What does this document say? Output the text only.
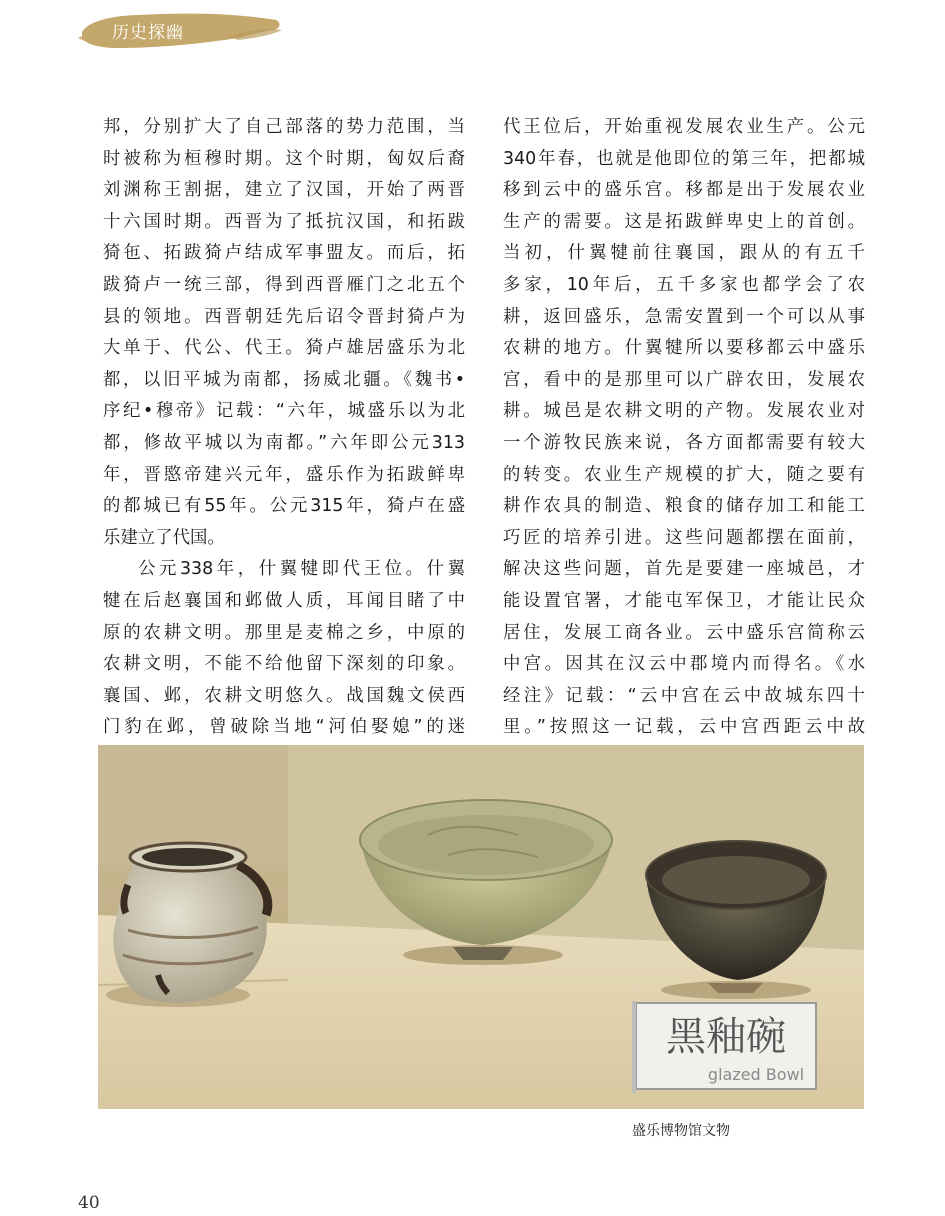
历史探幽
邦，分别扩大了自己部落的势力范围，当
时被称为桓穆时期。这个时期，匈奴后裔
刘渊称王割据，建立了汉国，开始了两晋
十六国时期。西晋为了抵抗汉国，和拓跋
猗㐌、拓跋猗卢结成军事盟友。而后，拓
跋猗卢一统三部，得到西晋雁门之北五个
县的领地。西晋朝廷先后诏令晋封猗卢为
大单于、代公、代王。猗卢雄居盛乐为北
都，以旧平城为南都，扬威北疆。《魏书•
序纪•穆帝》记载：“六年，城盛乐以为北
都，修故平城以为南都。”六年即公元313
年，晋愍帝建兴元年，盛乐作为拓跋鲜卑
的都城已有55年。公元315年，猗卢在盛
乐建立了代国。
公元338年，什翼犍即代王位。什翼
犍在后赵襄国和邺做人质，耳闻目睹了中
原的农耕文明。那里是麦棉之乡，中原的
农耕文明，不能不给他留下深刻的印象。
襄国、邺，农耕文明悠久。战国魏文侯西
门豹在邺，曾破除当地“河伯娶媳”的迷
代王位后，开始重视发展农业生产。公元
340年春，也就是他即位的第三年，把都城
移到云中的盛乐宫。移都是出于发展农业
生产的需要。这是拓跋鲜卑史上的首创。
当初，什翼犍前往襄国，跟从的有五千
多家，10年后，五千多家也都学会了农
耕，返回盛乐，急需安置到一个可以从事
农耕的地方。什翼犍所以要移都云中盛乐
宫，看中的是那里可以广辟农田，发展农
耕。城邑是农耕文明的产物。发展农业对
一个游牧民族来说，各方面都需要有较大
的转变。农业生产规模的扩大，随之要有
耕作农具的制造、粮食的储存加工和能工
巧匠的培养引进。这些问题都摆在面前，
解决这些问题，首先是要建一座城邑，才
能设置官署，才能屯军保卫，才能让民众
居住，发展工商各业。云中盛乐宫简称云
中宫。因其在汉云中郡境内而得名。《水
经注》记载：“云中宫在云中故城东四十
里。”按照这一记载，云中宫西距云中故
黑釉碗
glazed Bowl
盛乐博物馆文物
40
